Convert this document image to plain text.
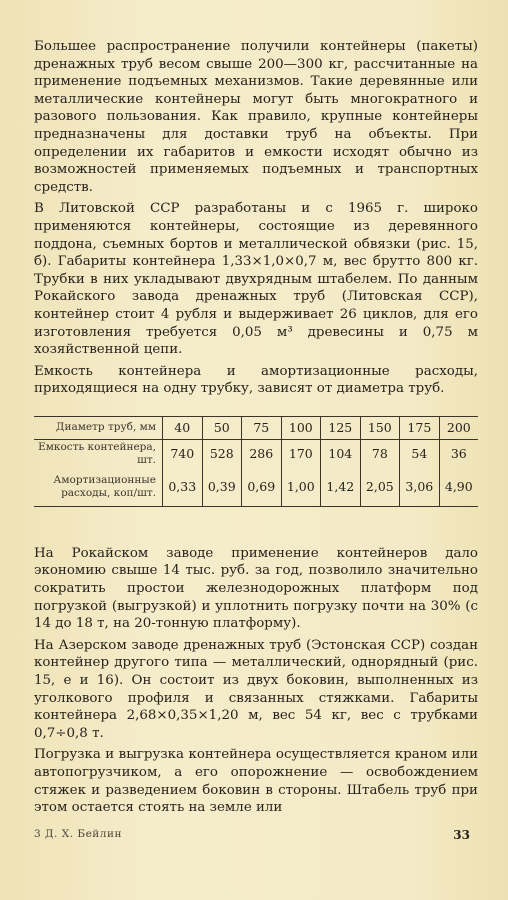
Большее распространение получили контейнеры (пакеты) дренажных труб весом свыше 200—300 кг, рассчитанные на применение подъемных механизмов. Такие деревянные или металлические контейнеры могут быть многократного и разового пользования. Как правило, крупные контейнеры предназначены для доставки труб на объекты. При определении их габаритов и емкости исходят обычно из возможностей применяемых подъемных и транспортных средств.

В Литовской ССР разработаны и с 1965 г. широко применяются контейнеры, состоящие из деревянного поддона, съемных бортов и металлической обвязки (рис. 15, б). Габариты контейнера 1,33×1,0×0,7 м, вес брутто 800 кг. Трубки в них укладывают двухрядным штабелем. По данным Рокайского завода дренажных труб (Литовская ССР), контейнер стоит 4 рубля и выдерживает 26 циклов, для его изготовления требуется 0,05 м³ древесины и 0,75 м хозяйственной цепи.

Емкость контейнера и амортизационные расходы, приходящиеся на одну трубку, зависят от диаметра труб.

Диаметр труб, мм	40	50	75	100	125	150	175	200
Емкость контейнера, шт.	740	528	286	170	104	78	54	36
Амортизационные расходы, коп/шт.	0,33	0,39	0,69	1,00	1,42	2,05	3,06	4,90

На Рокайском заводе применение контейнеров дало экономию свыше 14 тыс. руб. за год, позволило значительно сократить простои железнодорожных платформ под погрузкой (выгрузкой) и уплотнить погрузку почти на 30% (с 14 до 18 т, на 20-тонную платформу).

На Азерском заводе дренажных труб (Эстонская ССР) создан контейнер другого типа — металлический, однорядный (рис. 15, е и 16). Он состоит из двух боковин, выполненных из уголкового профиля и связанных стяжками. Габариты контейнера 2,68×0,35×1,20 м, вес 54 кг, вес с трубками 0,7÷0,8 т.

Погрузка и выгрузка контейнера осуществляется краном или автопогрузчиком, а его опорожнение — освобождением стяжек и разведением боковин в стороны. Штабель труб при этом остается стоять на земле или

3 Д. Х. Бейлин	33
